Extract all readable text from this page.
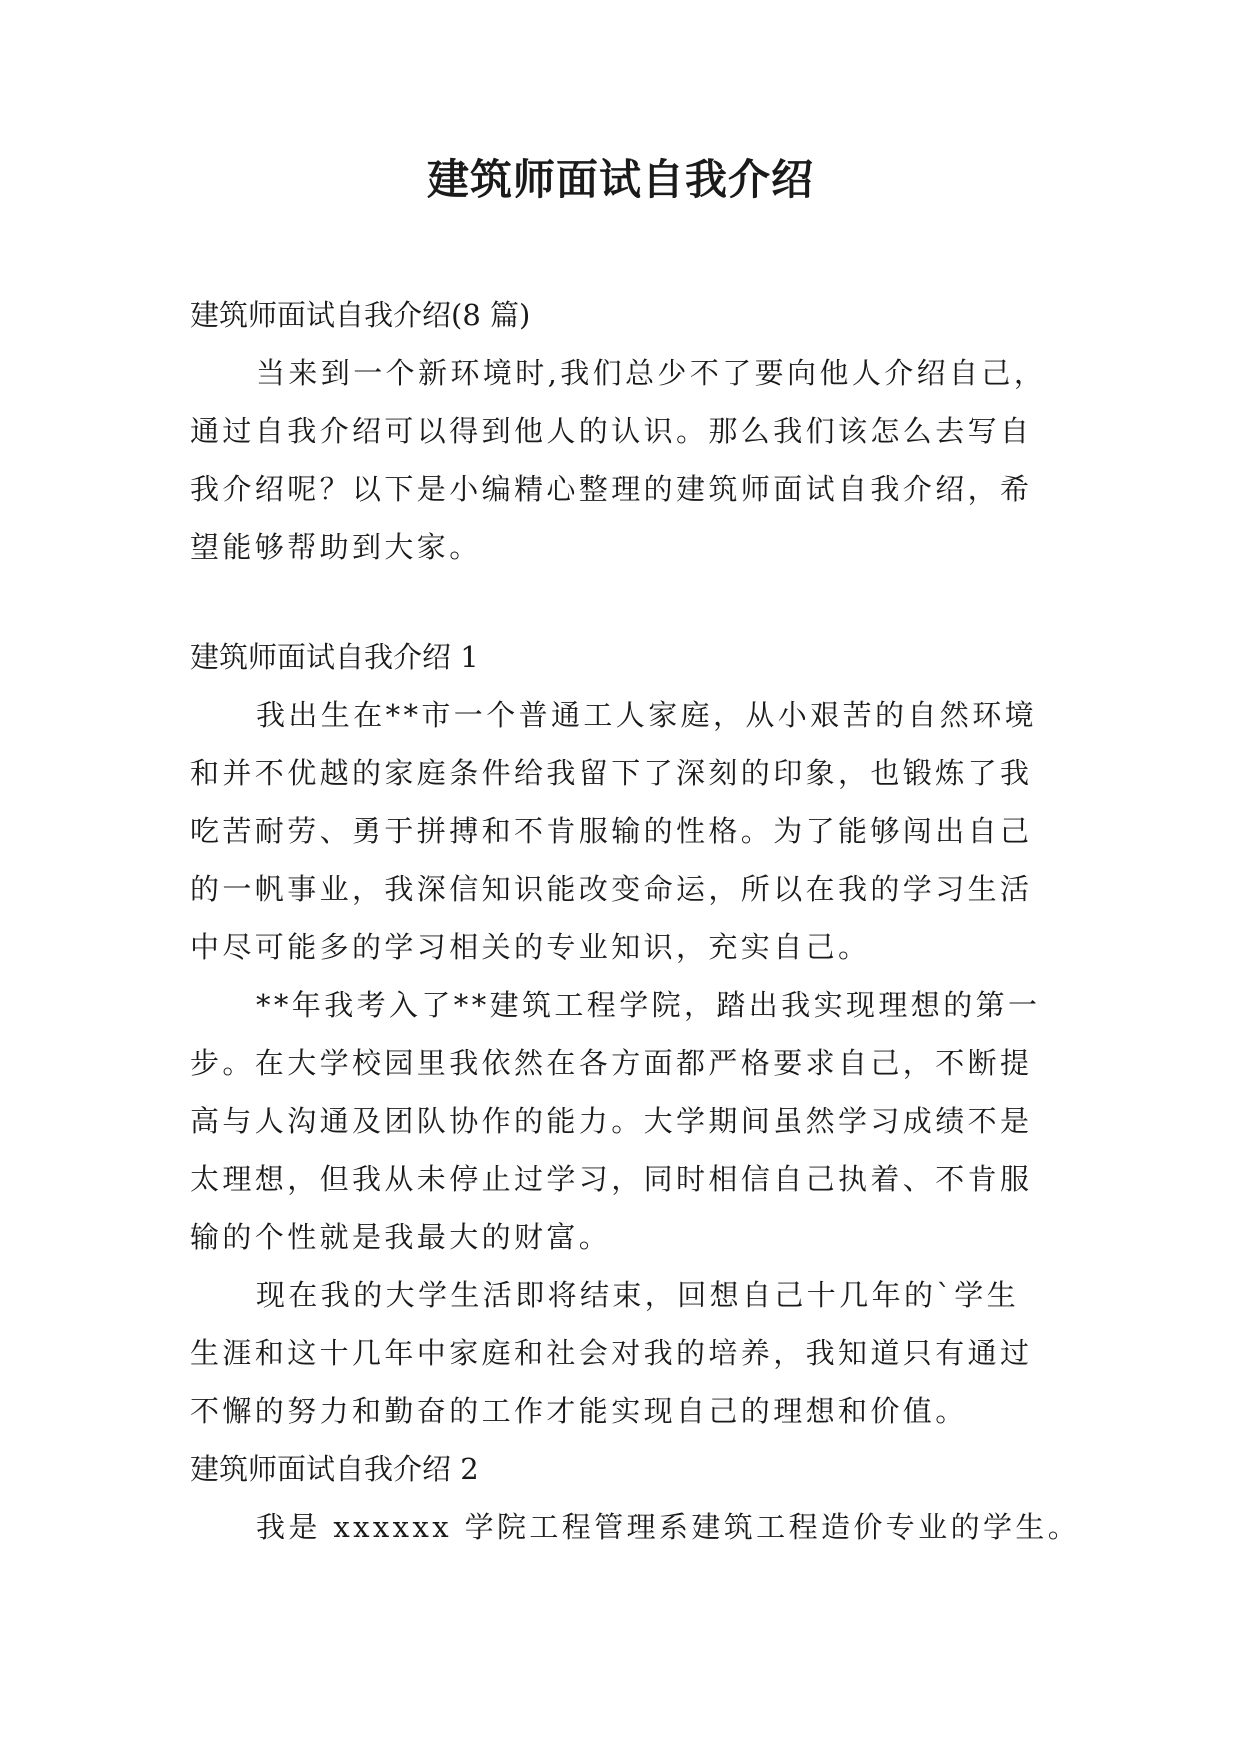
建筑师面试自我介绍

建筑师面试自我介绍(8 篇)

当来到一个新环境时,我们总少不了要向他人介绍自己，

通过自我介绍可以得到他人的认识。那么我们该怎么去写自

我介绍呢？以下是小编精心整理的建筑师面试自我介绍，希

望能够帮助到大家。

建筑师面试自我介绍 1

我出生在**市一个普通工人家庭，从小艰苦的自然环境

和并不优越的家庭条件给我留下了深刻的印象，也锻炼了我

吃苦耐劳、勇于拼搏和不肯服输的性格。为了能够闯出自己

的一帆事业，我深信知识能改变命运，所以在我的学习生活

中尽可能多的学习相关的专业知识，充实自己。

**年我考入了**建筑工程学院，踏出我实现理想的第一

步。在大学校园里我依然在各方面都严格要求自己，不断提

高与人沟通及团队协作的能力。大学期间虽然学习成绩不是

太理想，但我从未停止过学习，同时相信自己执着、不肯服

输的个性就是我最大的财富。

现在我的大学生活即将结束，回想自己十几年的`学生

生涯和这十几年中家庭和社会对我的培养，我知道只有通过

不懈的努力和勤奋的工作才能实现自己的理想和价值。

建筑师面试自我介绍 2

我是 xxxxxx 学院工程管理系建筑工程造价专业的学生。
